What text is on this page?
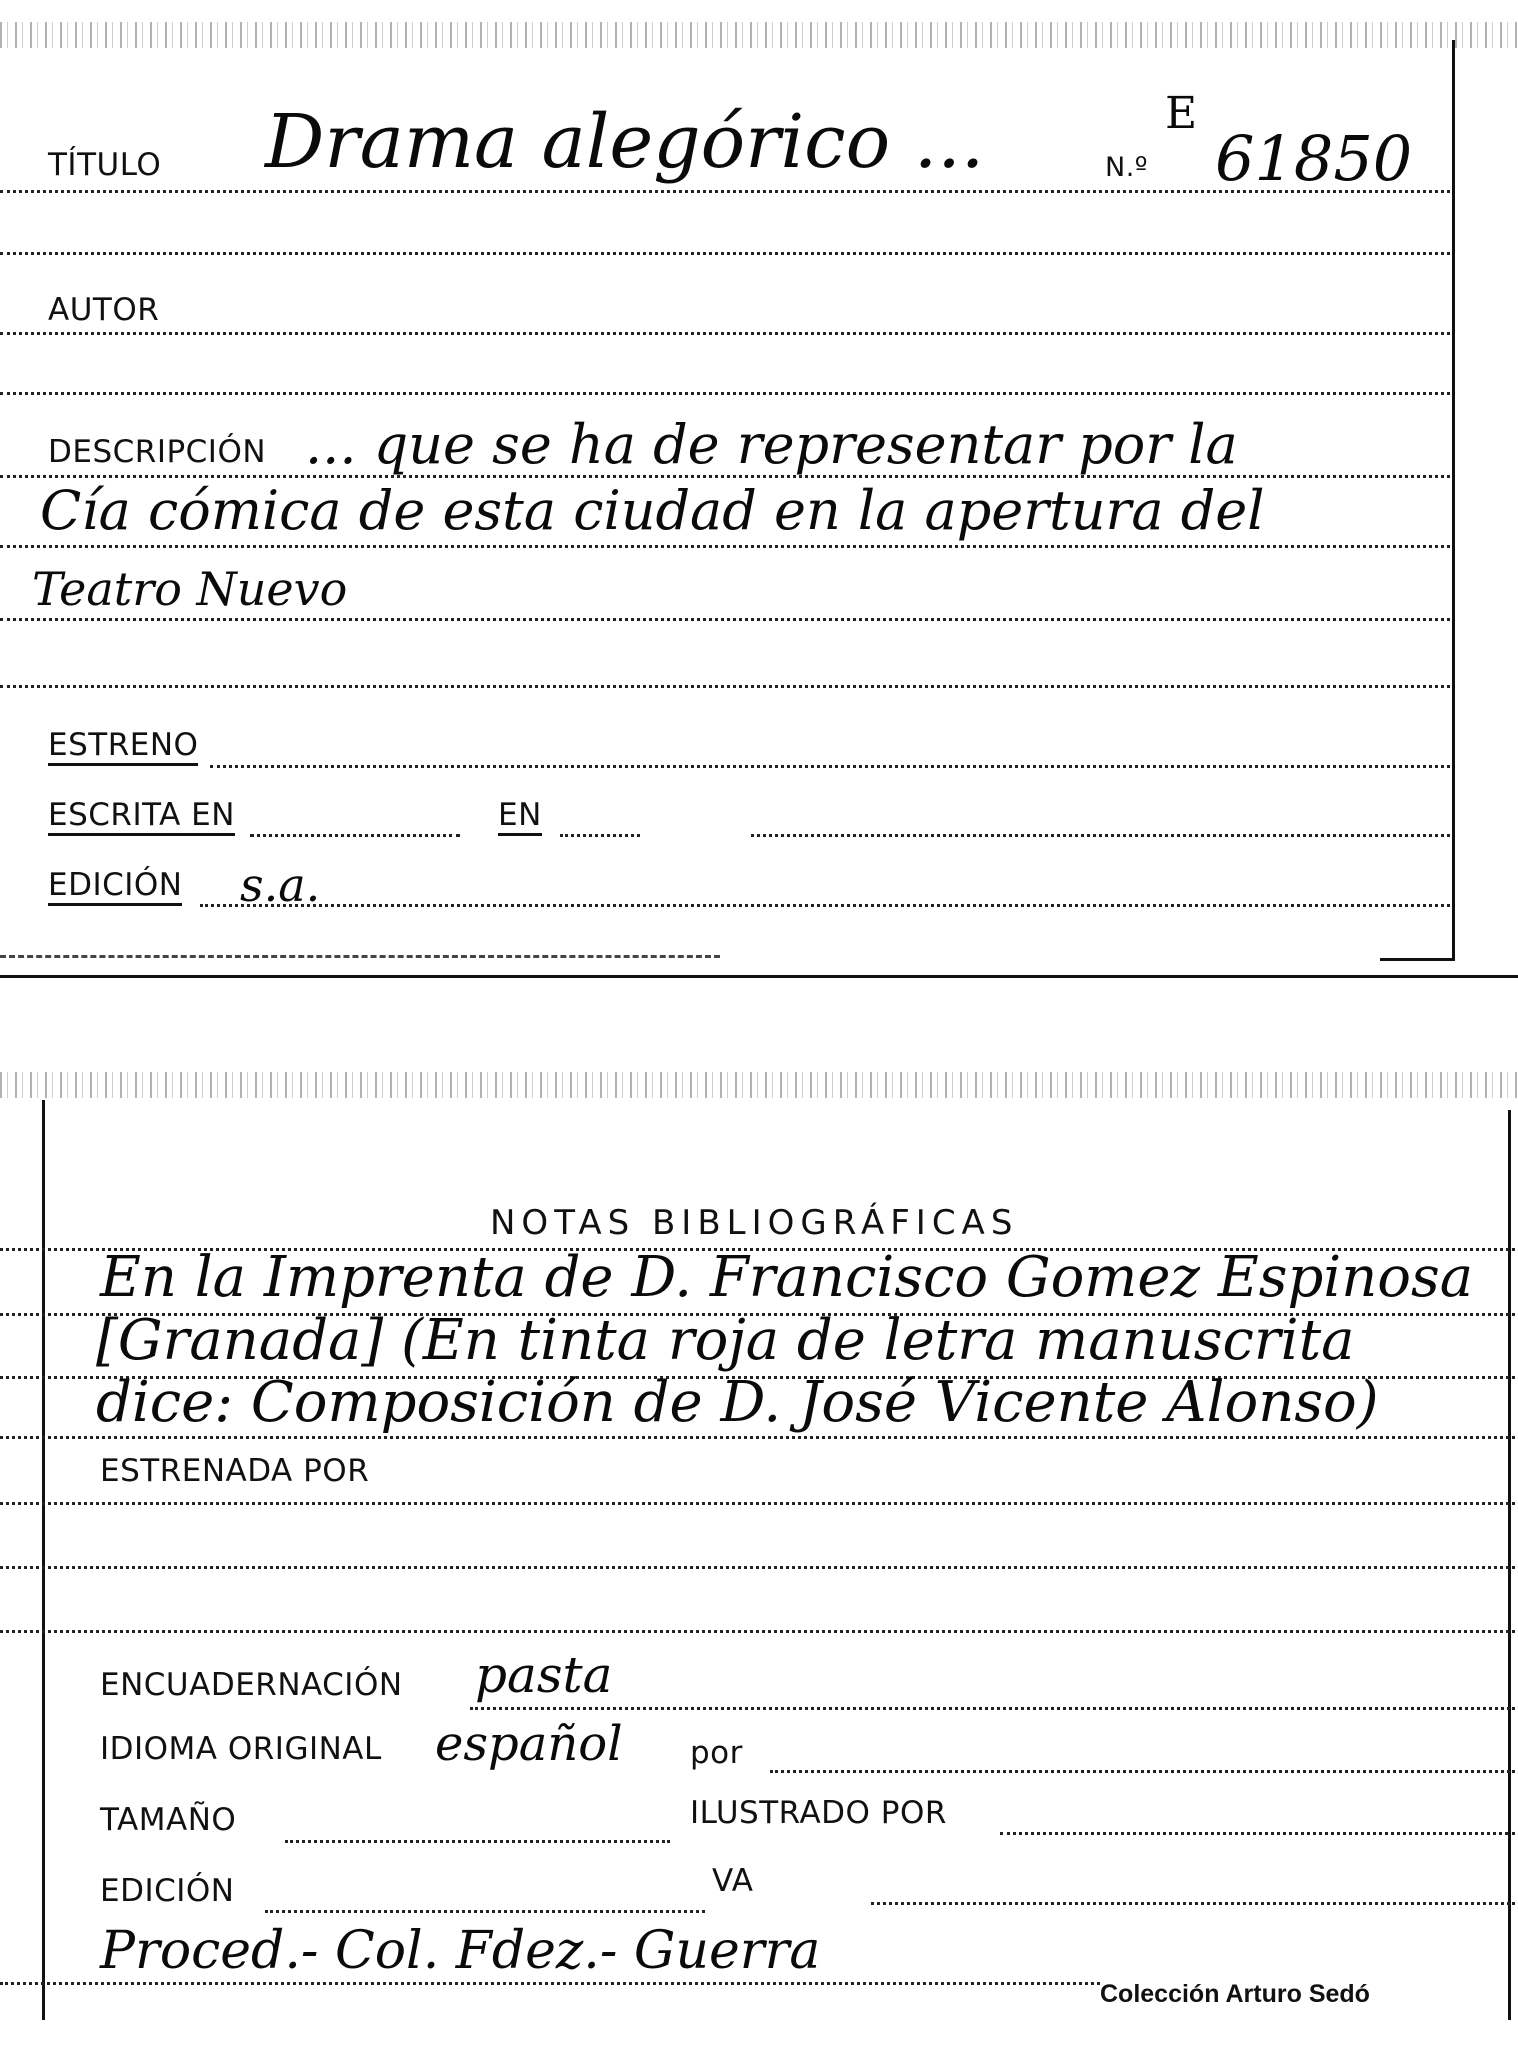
TÍTULO Drama alegórico ...	E
N.º 61850
AUTOR
DESCRIPCIÓN ... que se ha de representar por la
Cía cómica de esta ciudad en la apertura del
Teatro Nuevo
ESTRENO
ESCRITA EN	EN
EDICIÓN s.a.
NOTAS BIBLIOGRÁFICAS
En la Imprenta de D. Francisco Gomez Espinosa
[Granada] (En tinta roja de letra manuscrita
dice: Composición de D. José Vicente Alonso)
ESTRENADA POR
ENCUADERNACIÓN pasta
IDIOMA ORIGINAL español por
TAMAÑO	ILUSTRADO POR
EDICIÓN	VA
Proced.- Col. Fdez.- Guerra
Colección Arturo Sedó
